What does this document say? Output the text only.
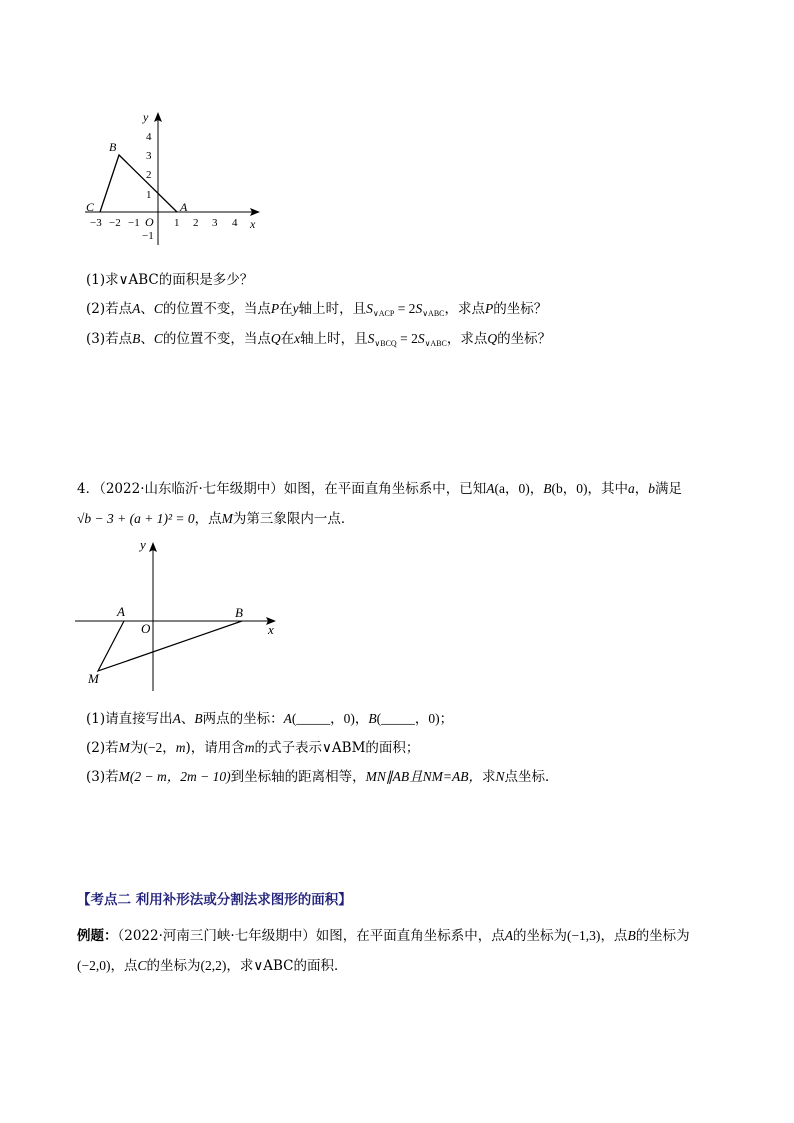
y
x
O
−3 −2 −1	1 2 3 4
4
3
2
1
−1
B
C	A
(1)求∨ABC的面积是多少？
(2)若点A、C的位置不变，当点P在y轴上时，且$S_{\vee ACP} = 2S_{\vee ABC}$，求点P的坐标？
(3)若点B、C的位置不变，当点Q在x轴上时，且$S_{\vee BCQ} = 2S_{\vee ABC}$，求点Q的坐标？
4．（2022·山东临沂·七年级期中）如图，在平面直角坐标系中，已知A(a，0)，B(b，0)，其中a，b满足
√b − 3 + (a + 1)² = 0，点M为第三象限内一点．
y
x
O
A	B
M
(1)请直接写出A、B两点的坐标：A(_____，0)，B(_____，0)；
(2)若M为(−2，m)，请用含m的式子表示∨ABM的面积；
(3)若M(2 − m，2m − 10)到坐标轴的距离相等，MN∥AB且NM=AB，求N点坐标．
【考点二 利用补形法或分割法求图形的面积】
例题：（2022·河南三门峡·七年级期中）如图，在平面直角坐标系中，点A的坐标为(−1,3)，点B的坐标为
(−2,0)，点C的坐标为(2,2)，求∨ABC的面积．
